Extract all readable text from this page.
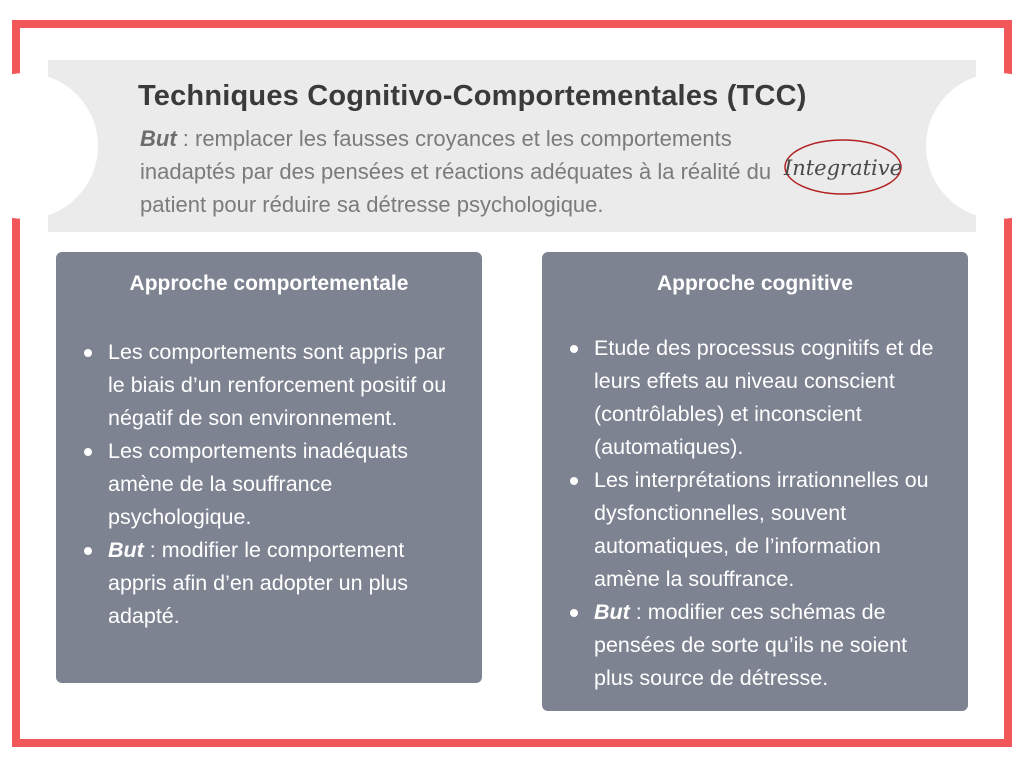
Techniques Cognitivo-Comportementales (TCC)
But : remplacer les fausses croyances et les comportements inadaptés par des pensées et réactions adéquates à la réalité du patient pour réduire sa détresse psychologique.
Integrative
Approche comportementale
Les comportements sont appris par le biais d’un renforcement positif ou négatif de son environnement.
Les comportements inadéquats amène de la souffrance psychologique.
But : modifier le comportement appris afin d’en adopter un plus adapté.
Approche cognitive
Etude des processus cognitifs et de leurs effets au niveau conscient (contrôlables) et inconscient (automatiques).
Les interprétations irrationnelles ou dysfonctionnelles, souvent automatiques, de l’information amène la souffrance.
But : modifier ces schémas de pensées de sorte qu’ils ne soient plus source de détresse.
